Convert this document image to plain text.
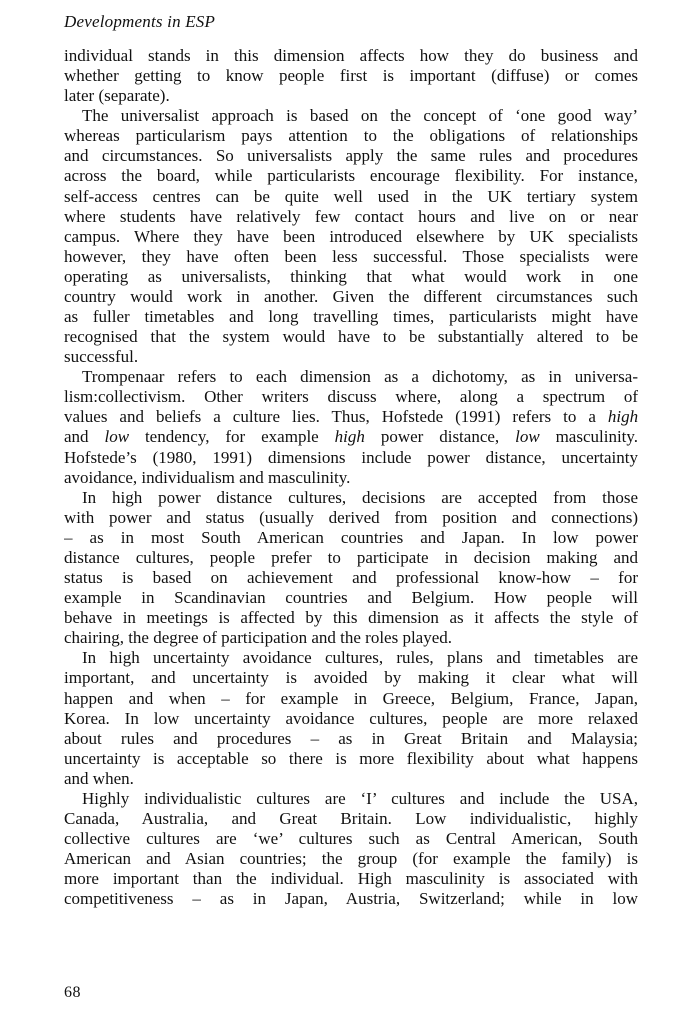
Developments in ESP
individual stands in this dimension affects how they do business and
whether getting to know people first is important (diffuse) or comes
later (separate).
The universalist approach is based on the concept of ‘one good way’
whereas particularism pays attention to the obligations of relationships
and circumstances. So universalists apply the same rules and procedures
across the board, while particularists encourage flexibility. For instance,
self-access centres can be quite well used in the UK tertiary system
where students have relatively few contact hours and live on or near
campus. Where they have been introduced elsewhere by UK specialists
however, they have often been less successful. Those specialists were
operating as universalists, thinking that what would work in one
country would work in another. Given the different circumstances such
as fuller timetables and long travelling times, particularists might have
recognised that the system would have to be substantially altered to be
successful.
Trompenaar refers to each dimension as a dichotomy, as in universa-
lism:collectivism. Other writers discuss where, along a spectrum of
values and beliefs a culture lies. Thus, Hofstede (1991) refers to a high
and low tendency, for example high power distance, low masculinity.
Hofstede’s (1980, 1991) dimensions include power distance, uncertainty
avoidance, individualism and masculinity.
In high power distance cultures, decisions are accepted from those
with power and status (usually derived from position and connections)
– as in most South American countries and Japan. In low power
distance cultures, people prefer to participate in decision making and
status is based on achievement and professional know-how – for
example in Scandinavian countries and Belgium. How people will
behave in meetings is affected by this dimension as it affects the style of
chairing, the degree of participation and the roles played.
In high uncertainty avoidance cultures, rules, plans and timetables are
important, and uncertainty is avoided by making it clear what will
happen and when – for example in Greece, Belgium, France, Japan,
Korea. In low uncertainty avoidance cultures, people are more relaxed
about rules and procedures – as in Great Britain and Malaysia;
uncertainty is acceptable so there is more flexibility about what happens
and when.
Highly individualistic cultures are ‘I’ cultures and include the USA,
Canada, Australia, and Great Britain. Low individualistic, highly
collective cultures are ‘we’ cultures such as Central American, South
American and Asian countries; the group (for example the family) is
more important than the individual. High masculinity is associated with
competitiveness – as in Japan, Austria, Switzerland; while in low
68
